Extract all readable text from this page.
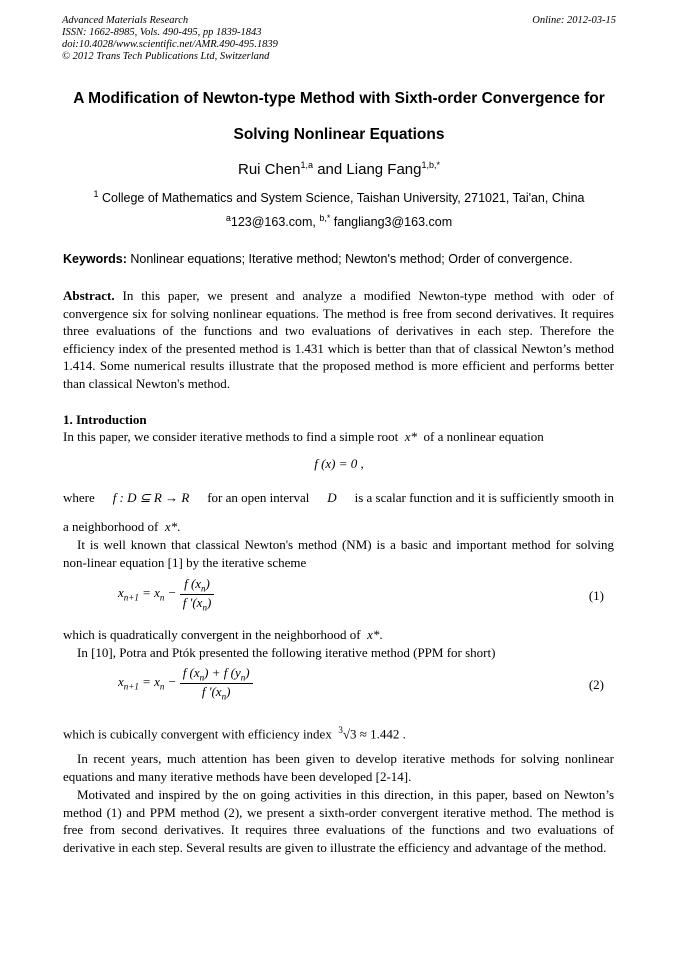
Advanced Materials Research
ISSN: 1662-8985, Vols. 490-495, pp 1839-1843
doi:10.4028/www.scientific.net/AMR.490-495.1839
© 2012 Trans Tech Publications Ltd, Switzerland
Online: 2012-03-15
A Modification of Newton-type Method with Sixth-order Convergence for
Solving Nonlinear Equations
Rui Chen$^{1,a}$ and Liang Fang$^{1,b,*}$
$^1$ College of Mathematics and System Science, Taishan University, 271021, Tai'an, China
$^a$123@163.com, $^{b,*}$ fangliang3@163.com
Keywords: Nonlinear equations; Iterative method; Newton's method; Order of convergence.
Abstract. In this paper, we present and analyze a modified Newton-type method with oder of convergence six for solving nonlinear equations. The method is free from second derivatives. It requires three evaluations of the functions and two evaluations of derivatives in each step. Therefore the efficiency index of the presented method is 1.431 which is better than that of classical Newton’s method 1.414. Some numerical results illustrate that the proposed method is more efficient and performs better than classical Newton's method.
1. Introduction
In this paper, we consider iterative methods to find a simple root  x*  of a nonlinear equation
f (x) = 0 ,
where f : D ⊆ R → R for an open interval D is a scalar function and it is sufficiently smooth in
a neighborhood of  x*.
It is well known that classical Newton's method (NM) is a basic and important method for solving non-linear equation [1] by the iterative scheme
$x_{n+1} = x_n - \frac{f (x_n)}{f '(x_n)}$	(1)
which is quadratically convergent in the neighborhood of  x*.
In [10], Potra and Ptók presented the following iterative method (PPM for short)
$x_{n+1} = x_n - \frac{f (x_n) + f (y_n)}{f '(x_n)}$	(2)
which is cubically convergent with efficiency index  $^3$√3 ≈ 1.442 .
In recent years, much attention has been given to develop iterative methods for solving nonlinear equations and many iterative methods have been developed [2-14].
Motivated and inspired by the on going activities in this direction, in this paper, based on Newton’s method (1) and PPM method (2), we present a sixth-order convergent iterative method. The method is free from second derivatives. It requires three evaluations of the functions and two evaluations of derivative in each step. Several results are given to illustrate the efficiency and advantage of the method.
